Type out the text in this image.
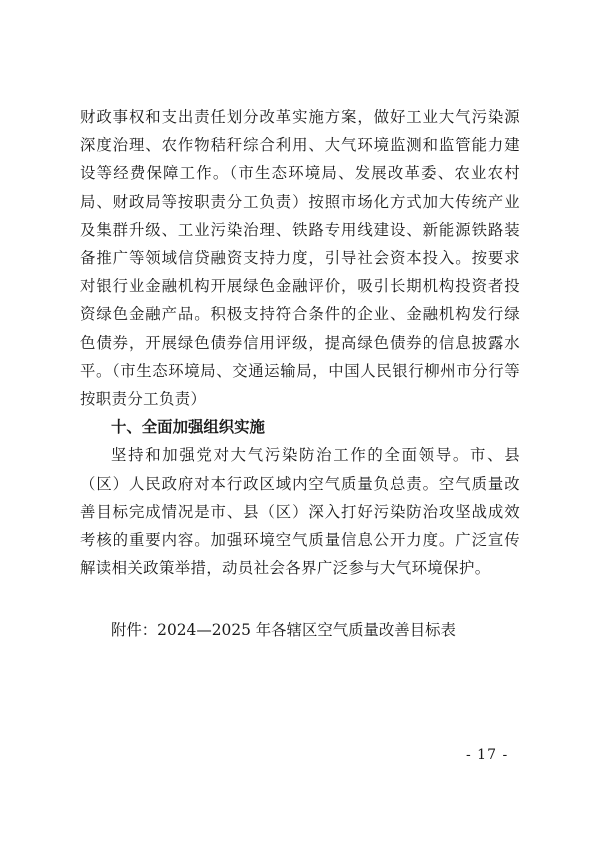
财政事权和支出责任划分改革实施方案，做好工业大气污染源深度治理、农作物秸秆综合利用、大气环境监测和监管能力建设等经费保障工作。（市生态环境局、发展改革委、农业农村局、财政局等按职责分工负责）按照市场化方式加大传统产业及集群升级、工业污染治理、铁路专用线建设、新能源铁路装备推广等领域信贷融资支持力度，引导社会资本投入。按要求对银行业金融机构开展绿色金融评价，吸引长期机构投资者投资绿色金融产品。积极支持符合条件的企业、金融机构发行绿色债券，开展绿色债券信用评级，提高绿色债券的信息披露水平。（市生态环境局、交通运输局，中国人民银行柳州市分行等按职责分工负责）

十、全面加强组织实施

坚持和加强党对大气污染防治工作的全面领导。市、县（区）人民政府对本行政区域内空气质量负总责。空气质量改善目标完成情况是市、县（区）深入打好污染防治攻坚战成效考核的重要内容。加强环境空气质量信息公开力度。广泛宣传解读相关政策举措，动员社会各界广泛参与大气环境保护。

附件：2024—2025 年各辖区空气质量改善目标表

- 17 -
